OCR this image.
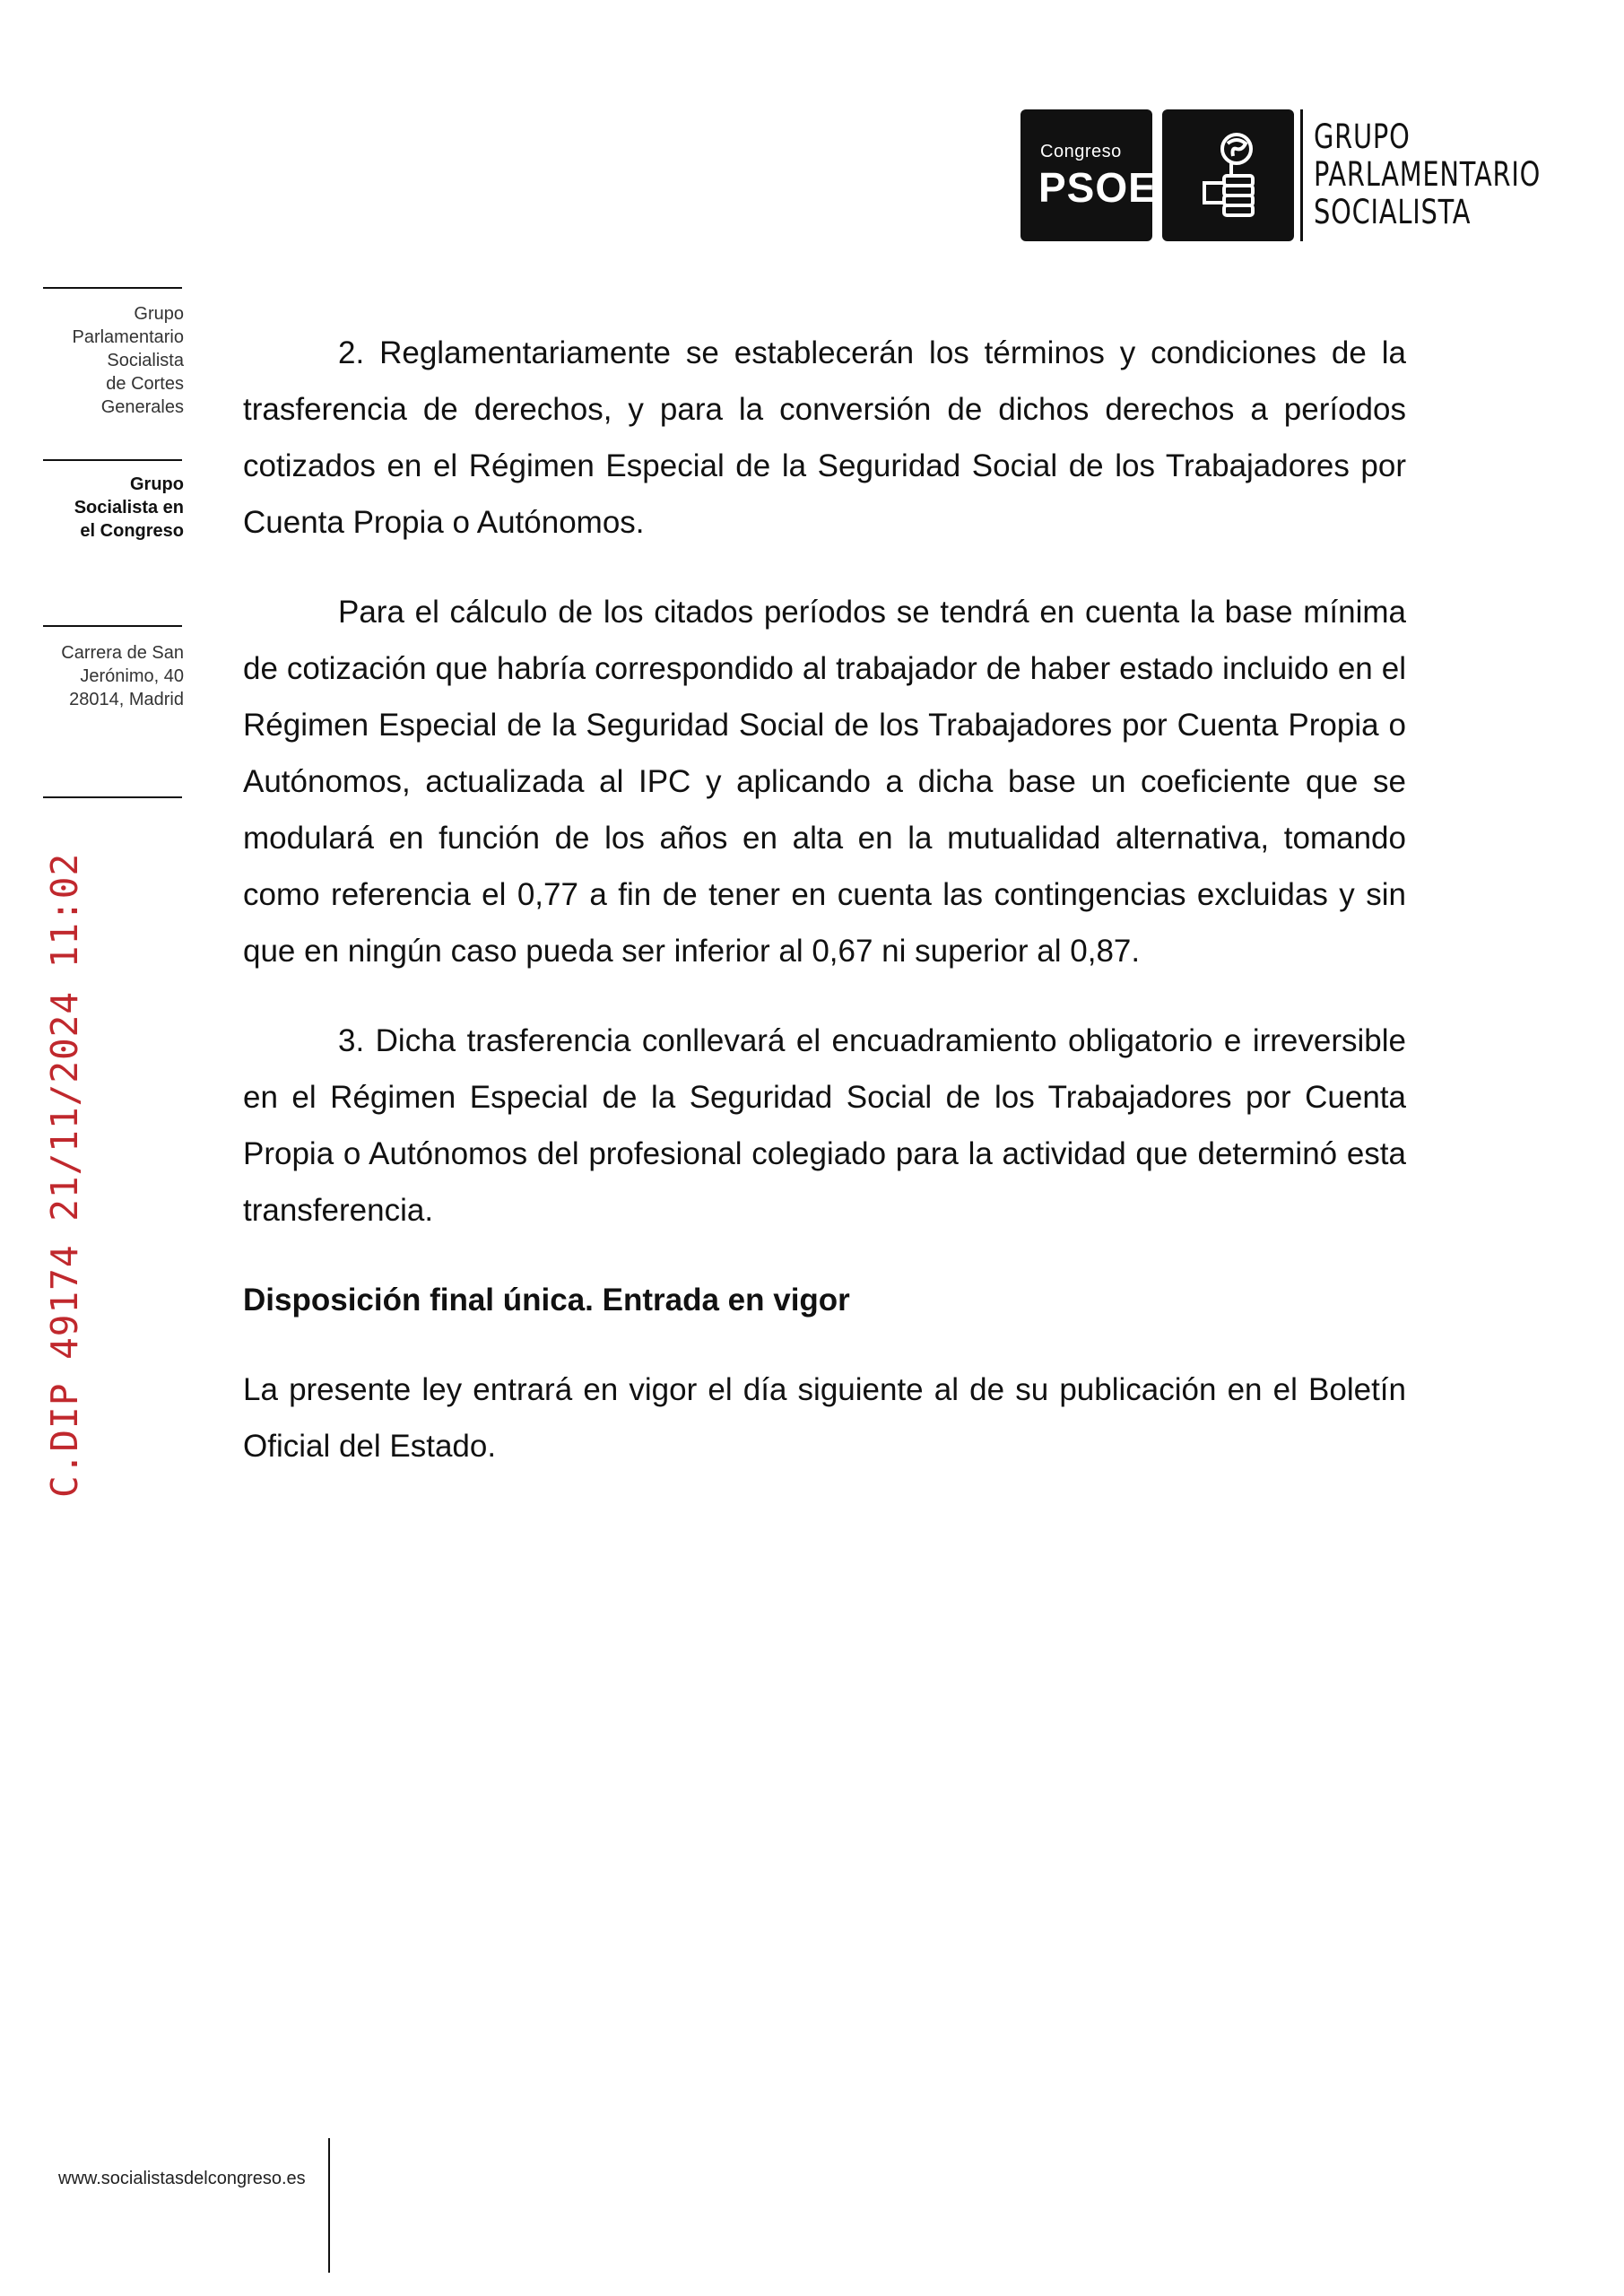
Congreso
PSOE
GRUPO
PARLAMENTARIO
SOCIALISTA
Grupo
Parlamentario
Socialista
de Cortes
Generales
Grupo
Socialista en
el Congreso
Carrera de San
Jerónimo, 40
28014, Madrid
C.DIP 49174 21/11/2024 11:02

2. Reglamentariamente se establecerán los términos y condiciones de la trasferencia de derechos, y para la conversión de dichos derechos a períodos cotizados en el Régimen Especial de la Seguridad Social de los Trabajadores por Cuenta Propia o Autónomos.

Para el cálculo de los citados períodos se tendrá en cuenta la base mínima de cotización que habría correspondido al trabajador de haber estado incluido en el Régimen Especial de la Seguridad Social de los Trabajadores por Cuenta Propia o Autónomos, actualizada al IPC y aplicando a dicha base un coeficiente que se modulará en función de los años en alta en la mutualidad alternativa, tomando como referencia el 0,77 a fin de tener en cuenta las contingencias excluidas y sin que en ningún caso pueda ser inferior al 0,67 ni superior al 0,87.

3. Dicha trasferencia conllevará el encuadramiento obligatorio e irreversible en el Régimen Especial de la Seguridad Social de los Trabajadores por Cuenta Propia o Autónomos del profesional colegiado para la actividad que determinó esta transferencia.

Disposición final única. Entrada en vigor

La presente ley entrará en vigor el día siguiente al de su publicación en el Boletín Oficial del Estado.

www.socialistasdelcongreso.es
